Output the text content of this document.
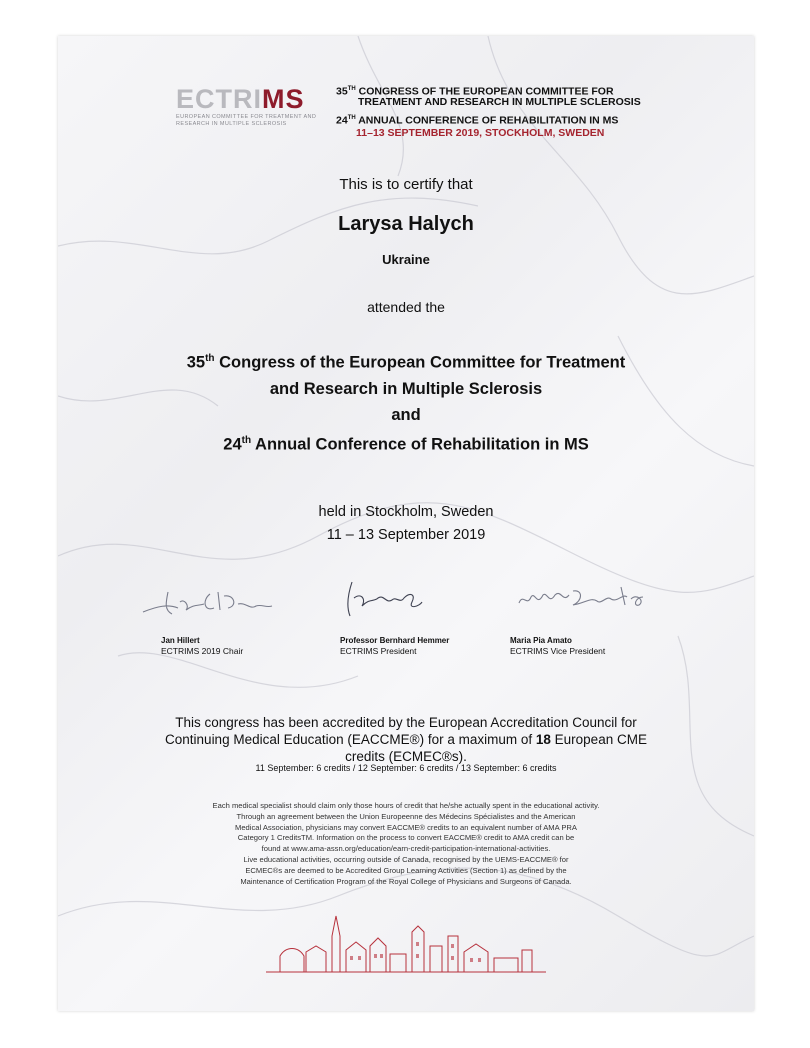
ECTRIMS
EUROPEAN COMMITTEE FOR TREATMENT AND RESEARCH IN MULTIPLE SCLEROSIS
35TH CONGRESS OF THE EUROPEAN COMMITTEE FOR
TREATMENT AND RESEARCH IN MULTIPLE SCLEROSIS
24TH ANNUAL CONFERENCE OF REHABILITATION IN MS
11–13 SEPTEMBER 2019, STOCKHOLM, SWEDEN
This is to certify that
Larysa Halych
Ukraine
attended the
35th Congress of the European Committee for Treatment
and Research in Multiple Sclerosis
and
24th Annual Conference of Rehabilitation in MS
held in Stockholm, Sweden
11 – 13 September 2019
Jan Hillert
ECTRIMS 2019 Chair
Professor Bernhard Hemmer
ECTRIMS President
Maria Pia Amato
ECTRIMS Vice President
This congress has been accredited by the European Accreditation Council for
Continuing Medical Education (EACCME®) for a maximum of 18 European CME
credits (ECMEC®s).
11 September: 6 credits / 12 September: 6 credits / 13 September: 6 credits
Each medical specialist should claim only those hours of credit that he/she actually spent in the educational activity.
Through an agreement between the Union Europeenne des Médecins Spécialistes and the American
Medical Association, physicians may convert EACCME® credits to an equivalent number of AMA PRA
Category 1 CreditsTM. Information on the process to convert EACCME® credit to AMA credit can be
found at www.ama-assn.org/education/earn-credit-participation-international-activities.
Live educational activities, occurring outside of Canada, recognised by the UEMS-EACCME® for
ECMEC®s are deemed to be Accredited Group Learning Activities (Section 1) as defined by the
Maintenance of Certification Program of the Royal College of Physicians and Surgeons of Canada.
